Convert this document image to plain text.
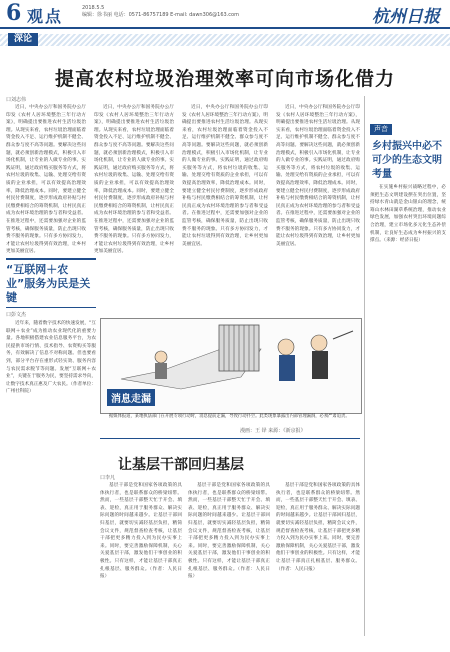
6 观点	2018.5.5
编辑：徐书丽 电话：0571-86757189 E-mail: dawn306@163.com	杭州日报
深论
提高农村垃圾治理效率可向市场化借力
口刘志伟
近日，中央办公厅和国务院办公厅印发《农村人居环境整治三年行动方案》，明确提出要推进农村生活垃圾治理。从现实来看，农村垃圾治理面临着资金投入不足、运行维护机制不健全、群众参与度不高等问题。要解决这些问题，就必须创新治理模式，积极引入市场化机制，让专业的人做专业的事。实践证明，通过政府购买服务等方式，将农村垃圾的收集、运输、处理交给有资质的企业承担，可以有效提高治理效率，降低治理成本。同时，要建立健全村民付费制度，逐步形成政府补贴与村民缴费相结合的筹资机制，让村民真正成为农村环境治理的参与者和受益者。在推进过程中，还需要加强对企业的监管考核，确保服务质量，防止出现只收费不服务的现象。只有多方协同发力，才能让农村垃圾得到有效治理，让乡村更加美丽宜居。
近日，中央办公厅和国务院办公厅印发《农村人居环境整治三年行动方案》，明确提出要推进农村生活垃圾治理。从现实来看，农村垃圾治理面临着资金投入不足、运行维护机制不健全、群众参与度不高等问题。要解决这些问题，就必须创新治理模式，积极引入市场化机制，让专业的人做专业的事。实践证明，通过政府购买服务等方式，将农村垃圾的收集、运输、处理交给有资质的企业承担，可以有效提高治理效率，降低治理成本。同时，要建立健全村民付费制度，逐步形成政府补贴与村民缴费相结合的筹资机制，让村民真正成为农村环境治理的参与者和受益者。在推进过程中，还需要加强对企业的监管考核，确保服务质量，防止出现只收费不服务的现象。只有多方协同发力，才能让农村垃圾得到有效治理，让乡村更加美丽宜居。
近日，中央办公厅和国务院办公厅印发《农村人居环境整治三年行动方案》，明确提出要推进农村生活垃圾治理。从现实来看，农村垃圾治理面临着资金投入不足、运行维护机制不健全、群众参与度不高等问题。要解决这些问题，就必须创新治理模式，积极引入市场化机制，让专业的人做专业的事。实践证明，通过政府购买服务等方式，将农村垃圾的收集、运输、处理交给有资质的企业承担，可以有效提高治理效率，降低治理成本。同时，要建立健全村民付费制度，逐步形成政府补贴与村民缴费相结合的筹资机制，让村民真正成为农村环境治理的参与者和受益者。在推进过程中，还需要加强对企业的监管考核，确保服务质量，防止出现只收费不服务的现象。只有多方协同发力，才能让农村垃圾得到有效治理，让乡村更加美丽宜居。
近日，中央办公厅和国务院办公厅印发《农村人居环境整治三年行动方案》，明确提出要推进农村生活垃圾治理。从现实来看，农村垃圾治理面临着资金投入不足、运行维护机制不健全、群众参与度不高等问题。要解决这些问题，就必须创新治理模式，积极引入市场化机制，让专业的人做专业的事。实践证明，通过政府购买服务等方式，将农村垃圾的收集、运输、处理交给有资质的企业承担，可以有效提高治理效率，降低治理成本。同时，要建立健全村民付费制度，逐步形成政府补贴与村民缴费相结合的筹资机制，让村民真正成为农村环境治理的参与者和受益者。在推进过程中，还需要加强对企业的监管考核，确保服务质量，防止出现只收费不服务的现象。只有多方协同发力，才能让农村垃圾得到有效治理，让乡村更加美丽宜居。
“互联网＋农业”服务为民是关键
口彭文杰
近年来，随着数字技术的快速发展，“互联网＋农业”成为推动农业现代化的重要力量。各地积极搭建农业信息服务平台，为农民提供市场行情、技术指导、农资购买等服务，有效解决了信息不对称问题。但也要看到，部分平台存在重形式轻实效、服务内容与农民需求脱节等问题。发展“互联网＋农业”，关键在于服务为民，要坚持需求导向，让数字技术真正惠及广大农民。（作者单位：广州社科院）
消息走漏
据媒体报道，某地执法部门在开展专项行动时，消息提前走漏，导致行动扑空。此类现象暴露出内部管理漏洞，必须严肃追责。
漫画：王 铎 来源：《新京报》
让基层干部回归基层
口李凡
基层干部是党和国家各项政策的具体执行者，也是联系群众的桥梁纽带。然而，一些基层干部整天忙于开会、填表、迎检，真正用于服务群众、解决实际问题的时间越来越少。让基层干部回归基层，就要切实减轻基层负担，精简会议文件，规范督查检查考核，让基层干部把更多精力投入到为民办实事上来。同时，要完善激励保障机制，关心关爱基层干部，激发他们干事创业的积极性。只有这样，才能让基层干部真正扎根基层、服务群众。（作者：人民日报）
基层干部是党和国家各项政策的具体执行者，也是联系群众的桥梁纽带。然而，一些基层干部整天忙于开会、填表、迎检，真正用于服务群众、解决实际问题的时间越来越少。让基层干部回归基层，就要切实减轻基层负担，精简会议文件，规范督查检查考核，让基层干部把更多精力投入到为民办实事上来。同时，要完善激励保障机制，关心关爱基层干部，激发他们干事创业的积极性。只有这样，才能让基层干部真正扎根基层、服务群众。（作者：人民日报）
基层干部是党和国家各项政策的具体执行者，也是联系群众的桥梁纽带。然而，一些基层干部整天忙于开会、填表、迎检，真正用于服务群众、解决实际问题的时间越来越少。让基层干部回归基层，就要切实减轻基层负担，精简会议文件，规范督查检查考核，让基层干部把更多精力投入到为民办实事上来。同时，要完善激励保障机制，关心关爱基层干部，激发他们干事创业的积极性。只有这样，才能让基层干部真正扎根基层、服务群众。（作者：人民日报）
声音
乡村振兴中必不可少的生态文明考量
在实施乡村振兴战略过程中，必须把生态文明建设摆在突出位置，坚持绿水青山就是金山银山的理念，统筹山水林田湖草系统治理，推动农业绿色发展，加强农村突出环境问题综合治理，建立市场化多元化生态补偿机制，让良好生态成为乡村振兴的支撑点。（来源：经济日报）
